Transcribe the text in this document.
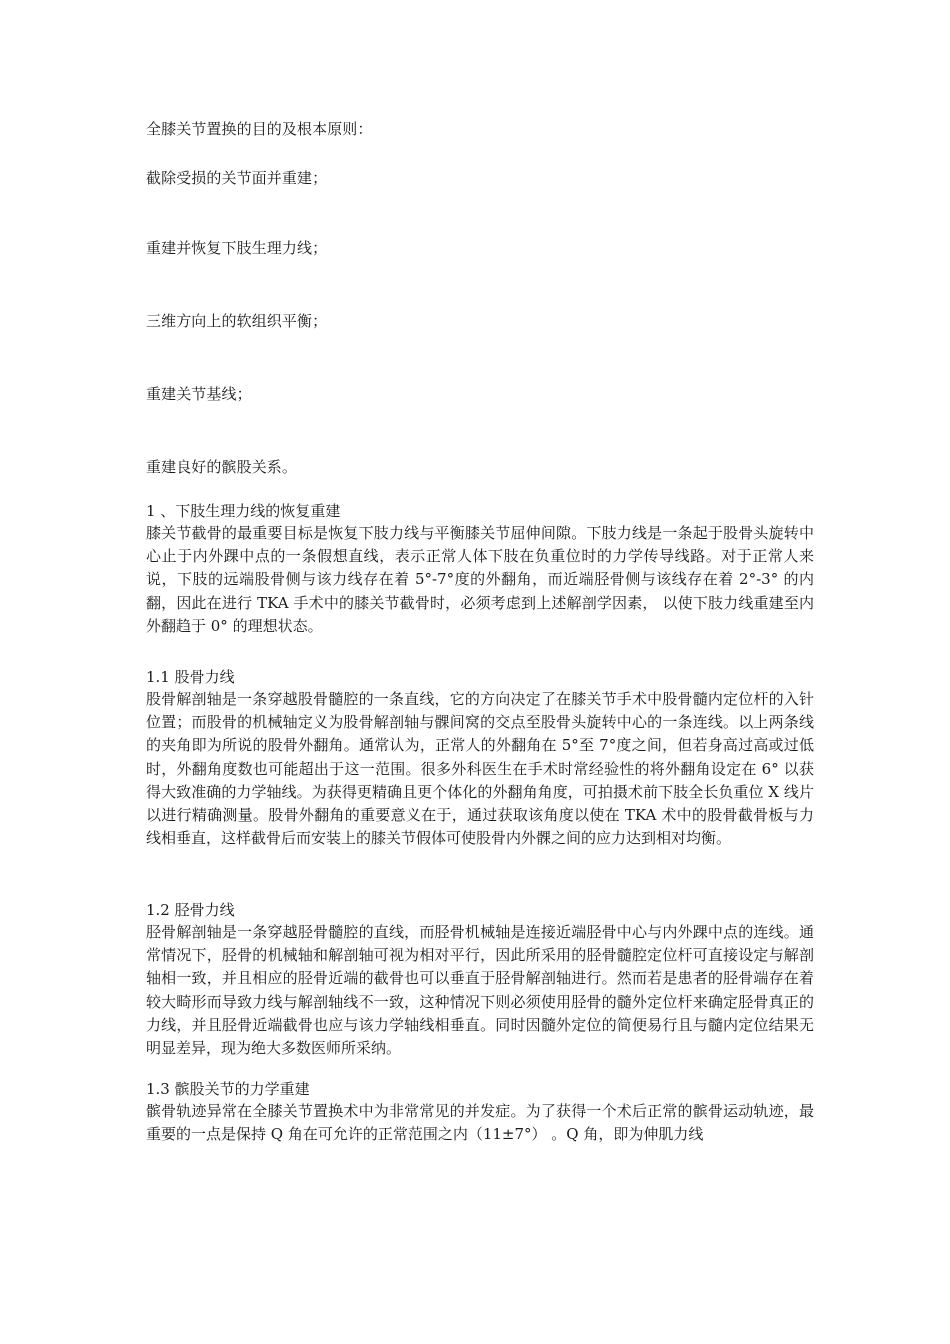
全膝关节置换的目的及根本原则：
截除受损的关节面并重建；
重建并恢复下肢生理力线；
三维方向上的软组织平衡；
重建关节基线；
重建良好的髌股关系。
1 、下肢生理力线的恢复重建
膝关节截骨的最重要目标是恢复下肢力线与平衡膝关节屈伸间隙。下肢力线是一条起于股骨头旋转中心止于内外踝中点的一条假想直线，表示正常人体下肢在负重位时的力学传导线路。对于正常人来说，下肢的远端股骨侧与该力线存在着 5°-7°度的外翻角，而近端胫骨侧与该线存在着 2°-3° 的内翻，因此在进行 TKA 手术中的膝关节截骨时，必须考虑到上述解剖学因素， 以使下肢力线重建至内外翻趋于 0° 的理想状态。
1.1 股骨力线
股骨解剖轴是一条穿越股骨髓腔的一条直线，它的方向决定了在膝关节手术中股骨髓内定位杆的入针位置；而股骨的机械轴定义为股骨解剖轴与髁间窝的交点至股骨头旋转中心的一条连线。以上两条线的夹角即为所说的股骨外翻角。通常认为，正常人的外翻角在 5°至 7°度之间，但若身高过高或过低时，外翻角度数也可能超出于这一范围。很多外科医生在手术时常经验性的将外翻角设定在 6° 以获得大致准确的力学轴线。为获得更精确且更个体化的外翻角角度，可拍摄术前下肢全长负重位 X 线片以进行精确测量。股骨外翻角的重要意义在于，通过获取该角度以使在 TKA 术中的股骨截骨板与力线相垂直，这样截骨后而安装上的膝关节假体可使股骨内外髁之间的应力达到相对均衡。
1.2 胫骨力线
胫骨解剖轴是一条穿越胫骨髓腔的直线，而胫骨机械轴是连接近端胫骨中心与内外踝中点的连线。通常情况下，胫骨的机械轴和解剖轴可视为相对平行，因此所采用的胫骨髓腔定位杆可直接设定与解剖轴相一致，并且相应的胫骨近端的截骨也可以垂直于胫骨解剖轴进行。然而若是患者的胫骨端存在着较大畸形而导致力线与解剖轴线不一致，这种情况下则必须使用胫骨的髓外定位杆来确定胫骨真正的力线，并且胫骨近端截骨也应与该力学轴线相垂直。同时因髓外定位的简便易行且与髓内定位结果无明显差异，现为绝大多数医师所采纳。
1.3 髌股关节的力学重建
髌骨轨迹异常在全膝关节置换术中为非常常见的并发症。为了获得一个术后正常的髌骨运动轨迹，最重要的一点是保持 Q 角在可允许的正常范围之内（11±7°） 。Q 角，即为伸肌力线
